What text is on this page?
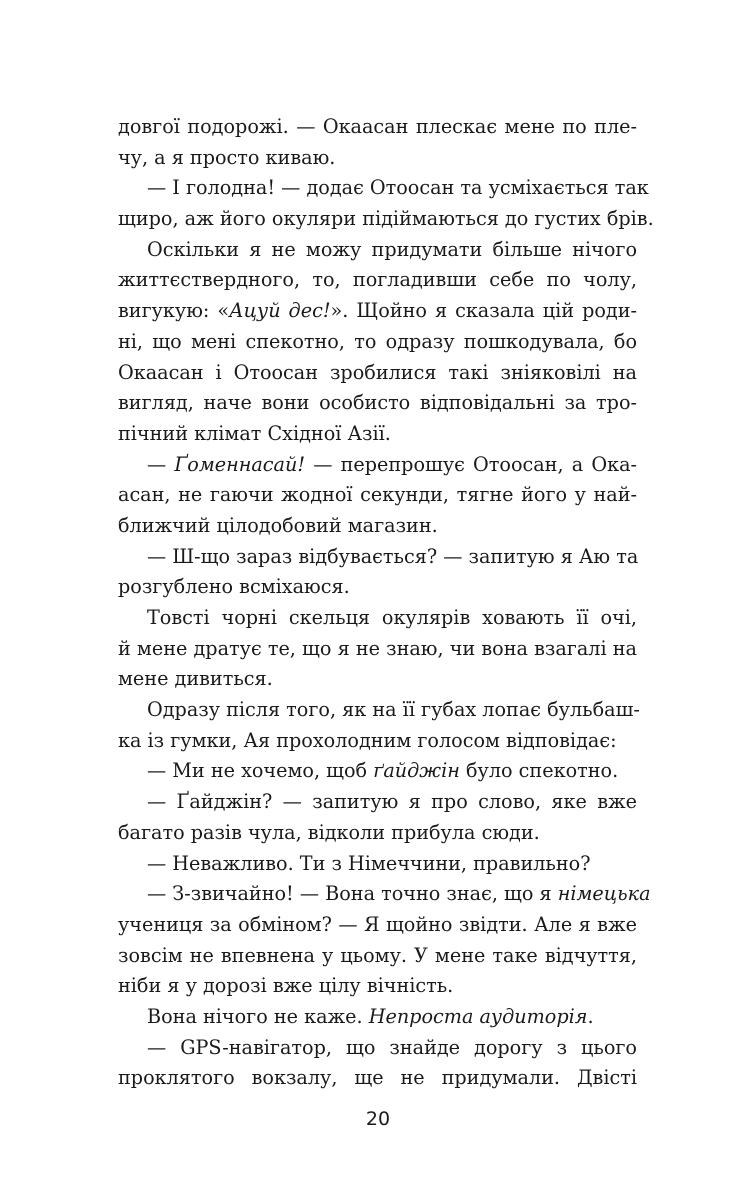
довгої подорожі. — Окаасан плескає мене по пле-
чу, а я просто киваю.
— І голодна! — додає Отоосан та усміхається так
щиро, аж його окуляри підіймаються до густих брів.
Оскільки я не можу придумати більше нічого
життєствердного, то, погладивши себе по чолу,
вигукую: «Ацуй дес!». Щойно я сказала цій роди-
ні, що мені спекотно, то одразу пошкодувала, бо
Окаасан і Отоосан зробилися такі зніяковілі на
вигляд, наче вони особисто відповідальні за тро-
пічний клімат Східної Азії.
— Ґоменнасай! — перепрошує Отоосан, а Ока-
асан, не гаючи жодної секунди, тягне його у най-
ближчий цілодобовий магазин.
— Ш-що зараз відбувається? — запитую я Аю та
розгублено всміхаюся.
Товсті чорні скельця окулярів ховають її очі,
й мене дратує те, що я не знаю, чи вона взагалі на
мене дивиться.
Одразу після того, як на її губах лопає бульбаш-
ка із гумки, Ая прохолодним голосом відповідає:
— Ми не хочемо, щоб ґайджін було спекотно.
— Ґайджін? — запитую я про слово, яке вже
багато разів чула, відколи прибула сюди.
— Неважливо. Ти з Німеччини, правильно?
— З-звичайно! — Вона точно знає, що я німецька
учениця за обміном? — Я щойно звідти. Але я вже
зовсім не впевнена у цьому. У мене таке відчуття,
ніби я у дорозі вже цілу вічність.
Вона нічого не каже. Непроста аудиторія.
— GPS-навігатор, що знайде дорогу з цього
проклятого вокзалу, ще не придумали. Двісті
20
